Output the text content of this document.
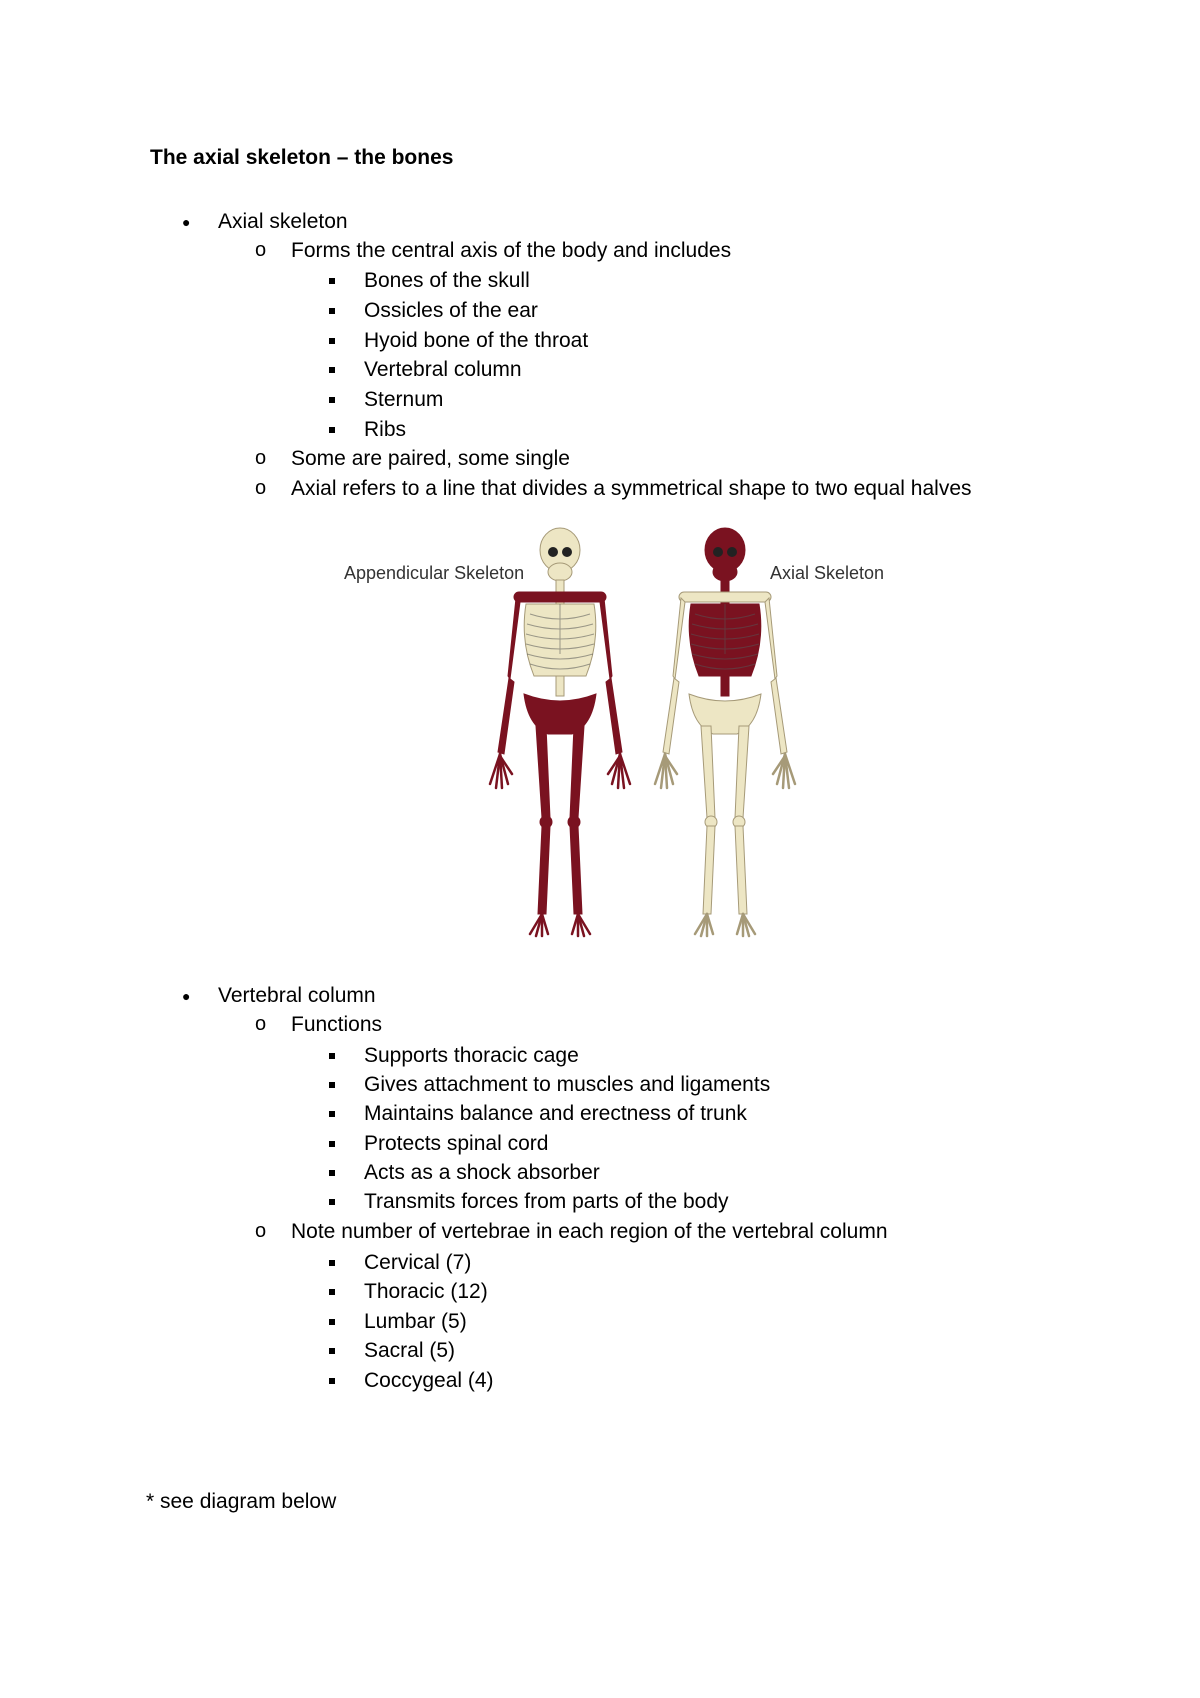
The axial skeleton – the bones
● Axial skeleton
o Forms the central axis of the body and includes
Bones of the skull
Ossicles of the ear
Hyoid bone of the throat
Vertebral column
Sternum
Ribs
o Some are paired, some single
o Axial refers to a line that divides a symmetrical shape to two equal halves
Appendicular Skeleton	Axial Skeleton
● Vertebral column
o Functions
Supports thoracic cage
Gives attachment to muscles and ligaments
Maintains balance and erectness of trunk
Protects spinal cord
Acts as a shock absorber
Transmits forces from parts of the body
o Note number of vertebrae in each region of the vertebral column
Cervical (7)
Thoracic (12)
Lumbar (5)
Sacral (5)
Coccygeal (4)
* see diagram below
